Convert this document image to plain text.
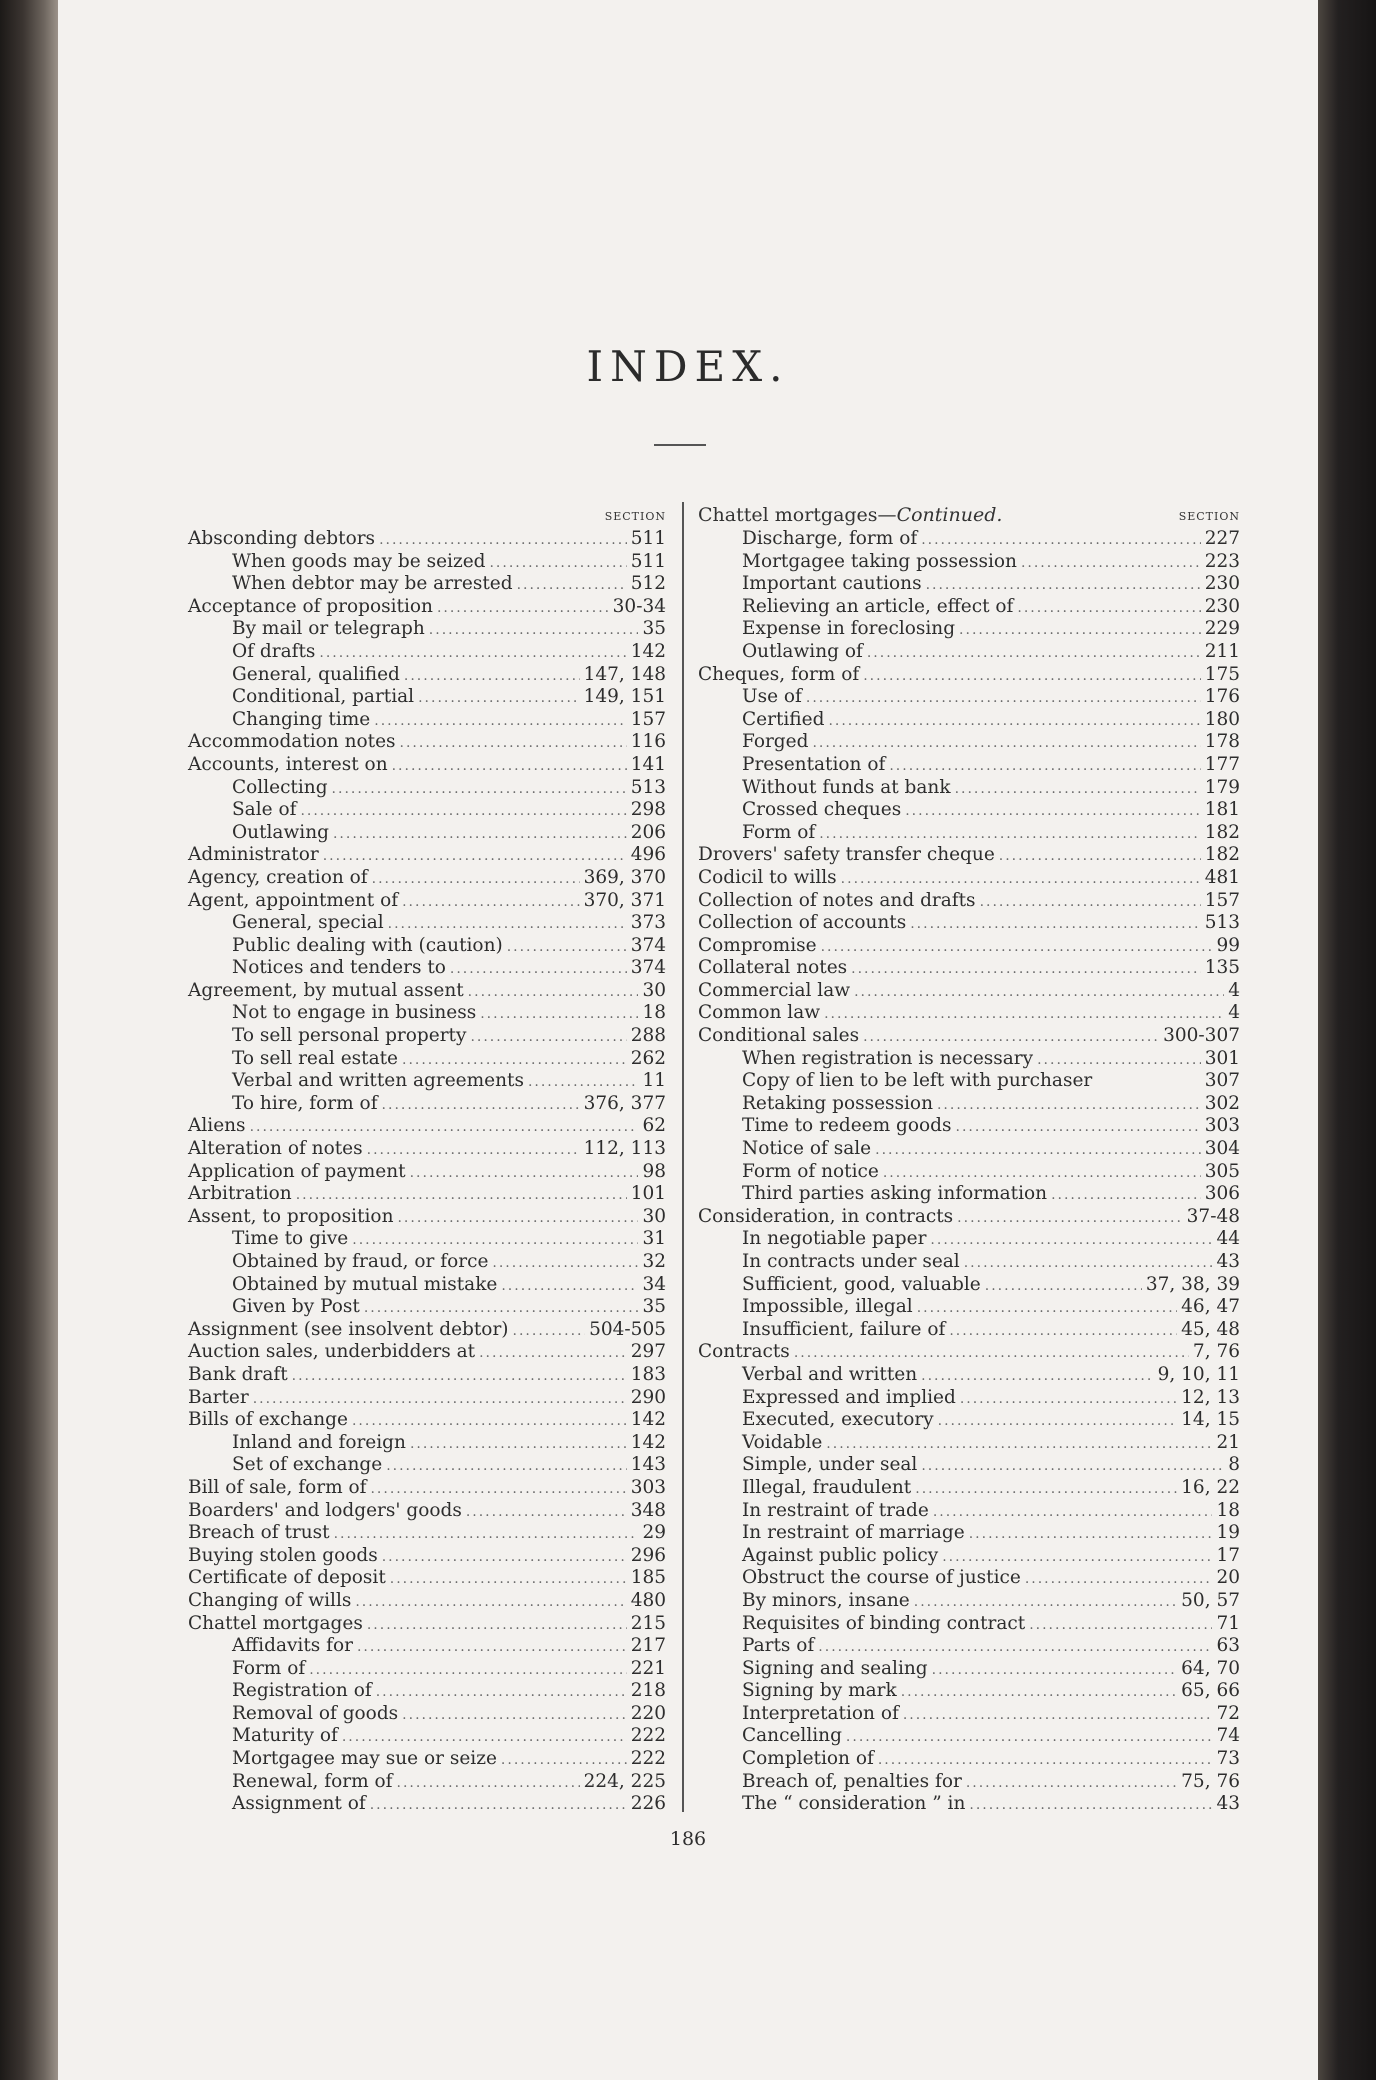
INDEX.
SECTION
Absconding debtors .....	511
When goods may be seized .....	511
When debtor may be arrested .....	512
Acceptance of proposition .....	30-34
By mail or telegraph .....	35
Of drafts .....	142
General, qualified .....	147, 148
Conditional, partial .....	149, 151
Changing time .....	157
Accommodation notes .....	116
Accounts, interest on .....	141
Collecting .....	513
Sale of .....	298
Outlawing .....	206
Administrator .....	496
Agency, creation of .....	369, 370
Agent, appointment of .....	370, 371
General, special .....	373
Public dealing with (caution) .....	374
Notices and tenders to .....	374
Agreement, by mutual assent .....	30
Not to engage in business .....	18
To sell personal property .....	288
To sell real estate .....	262
Verbal and written agreements .....	11
To hire, form of .....	376, 377
Aliens .....	62
Alteration of notes .....	112, 113
Application of payment .....	98
Arbitration .....	101
Assent, to proposition .....	30
Time to give .....	31
Obtained by fraud, or force .....	32
Obtained by mutual mistake .....	34
Given by Post .....	35
Assignment (see insolvent debtor) .....	504-505
Auction sales, underbidders at .....	297
Bank draft .....	183
Barter .....	290
Bills of exchange .....	142
Inland and foreign .....	142
Set of exchange .....	143
Bill of sale, form of .....	303
Boarders' and lodgers' goods .....	348
Breach of trust .....	29
Buying stolen goods .....	296
Certificate of deposit .....	185
Changing of wills .....	480
Chattel mortgages .....	215
Affidavits for .....	217
Form of .....	221
Registration of .....	218
Removal of goods .....	220
Maturity of .....	222
Mortgagee may sue or seize .....	222
Renewal, form of .....	224, 225
Assignment of .....	226
Chattel mortgages—Continued.	SECTION
Discharge, form of .....	227
Mortgagee taking possession .....	223
Important cautions .....	230
Relieving an article, effect of .....	230
Expense in foreclosing .....	229
Outlawing of .....	211
Cheques, form of .....	175
Use of .....	176
Certified .....	180
Forged .....	178
Presentation of .....	177
Without funds at bank .....	179
Crossed cheques .....	181
Form of .....	182
Drovers' safety transfer cheque .....	182
Codicil to wills .....	481
Collection of notes and drafts .....	157
Collection of accounts .....	513
Compromise .....	99
Collateral notes .....	135
Commercial law .....	4
Common law .....	4
Conditional sales .....	300-307
When registration is necessary .....	301
Copy of lien to be left with purchaser	307
Retaking possession .....	302
Time to redeem goods .....	303
Notice of sale .....	304
Form of notice .....	305
Third parties asking information .....	306
Consideration, in contracts .....	37-48
In negotiable paper .....	44
In contracts under seal .....	43
Sufficient, good, valuable .....	37, 38, 39
Impossible, illegal .....	46, 47
Insufficient, failure of .....	45, 48
Contracts .....	7, 76
Verbal and written .....	9, 10, 11
Expressed and implied .....	12, 13
Executed, executory .....	14, 15
Voidable .....	21
Simple, under seal .....	8
Illegal, fraudulent .....	16, 22
In restraint of trade .....	18
In restraint of marriage .....	19
Against public policy .....	17
Obstruct the course of justice .....	20
By minors, insane .....	50, 57
Requisites of binding contract .....	71
Parts of .....	63
Signing and sealing .....	64, 70
Signing by mark .....	65, 66
Interpretation of .....	72
Cancelling .....	74
Completion of .....	73
Breach of, penalties for .....	75, 76
The “ consideration ” in .....	43
186
